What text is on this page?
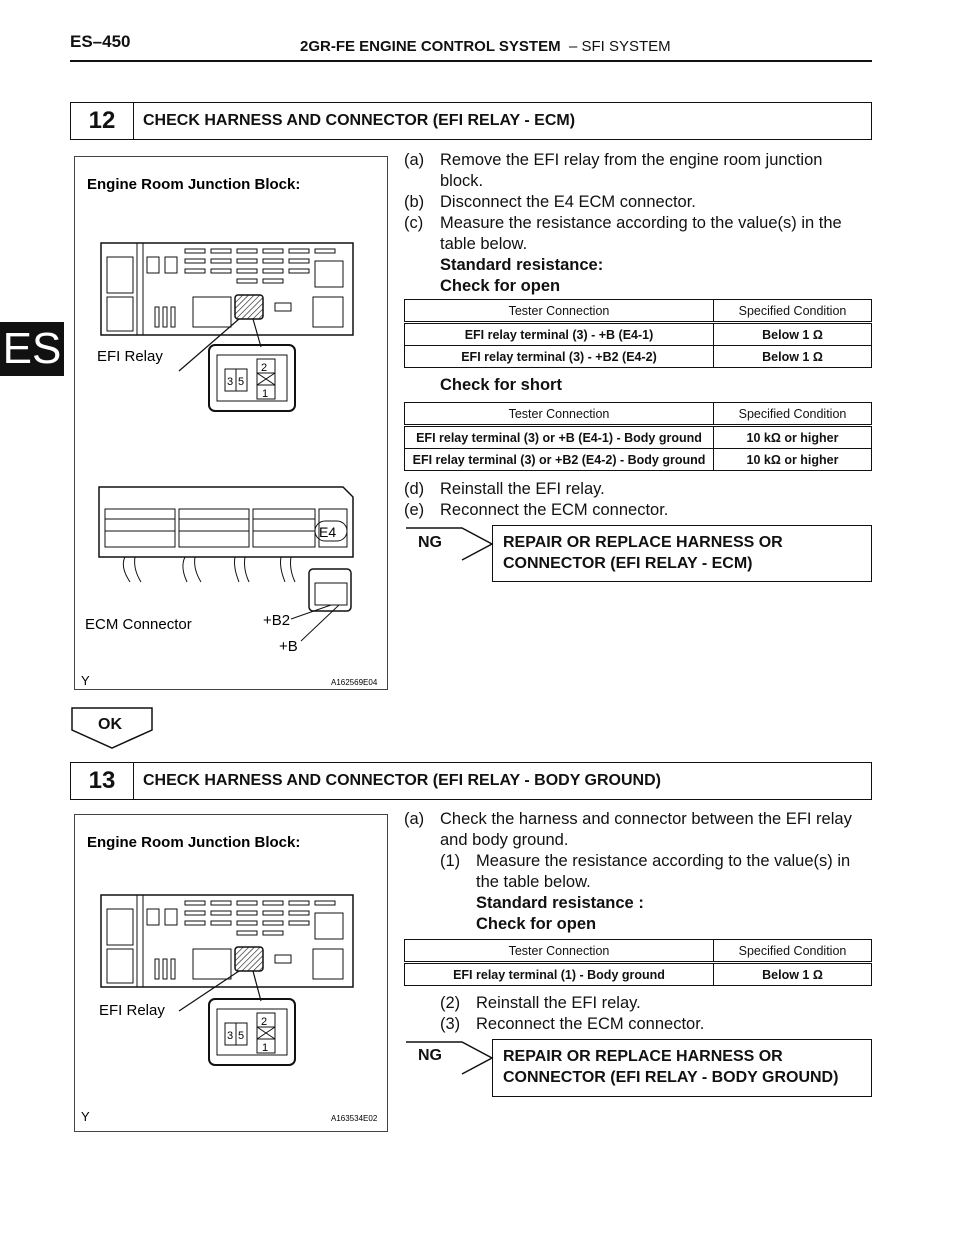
ES–450	2GR-FE ENGINE CONTROL SYSTEM – SFI SYSTEM
ES
12	CHECK HARNESS AND CONNECTOR (EFI RELAY - ECM)
Engine Room Junction Block:
EFI Relay
3 5
2
1
E4
ECM Connector	+B2
+B
Y	A162569E04
(a) Remove the EFI relay from the engine room junction
block.
(b) Disconnect the E4 ECM connector.
(c) Measure the resistance according to the value(s) in the
table below.
Standard resistance:
Check for open
Tester Connection	Specified Condition
EFI relay terminal (3) - +B (E4-1)	Below 1 Ω
EFI relay terminal (3) - +B2 (E4-2)	Below 1 Ω
Check for short
Tester Connection	Specified Condition
EFI relay terminal (3) or +B (E4-1) - Body ground	10 kΩ or higher
EFI relay terminal (3) or +B2 (E4-2) - Body ground	10 kΩ or higher
(d) Reinstall the EFI relay.
(e) Reconnect the ECM connector.
NG	REPAIR OR REPLACE HARNESS OR
CONNECTOR (EFI RELAY - ECM)
OK
13	CHECK HARNESS AND CONNECTOR (EFI RELAY - BODY GROUND)
Engine Room Junction Block:
EFI Relay
3 5
2
1
Y	A163534E02
(a) Check the harness and connector between the EFI relay
and body ground.
(1) Measure the resistance according to the value(s) in
the table below.
Standard resistance :
Check for open
Tester Connection	Specified Condition
EFI relay terminal (1) - Body ground	Below 1 Ω
(2) Reinstall the EFI relay.
(3) Reconnect the ECM connector.
NG	REPAIR OR REPLACE HARNESS OR
CONNECTOR (EFI RELAY - BODY GROUND)
